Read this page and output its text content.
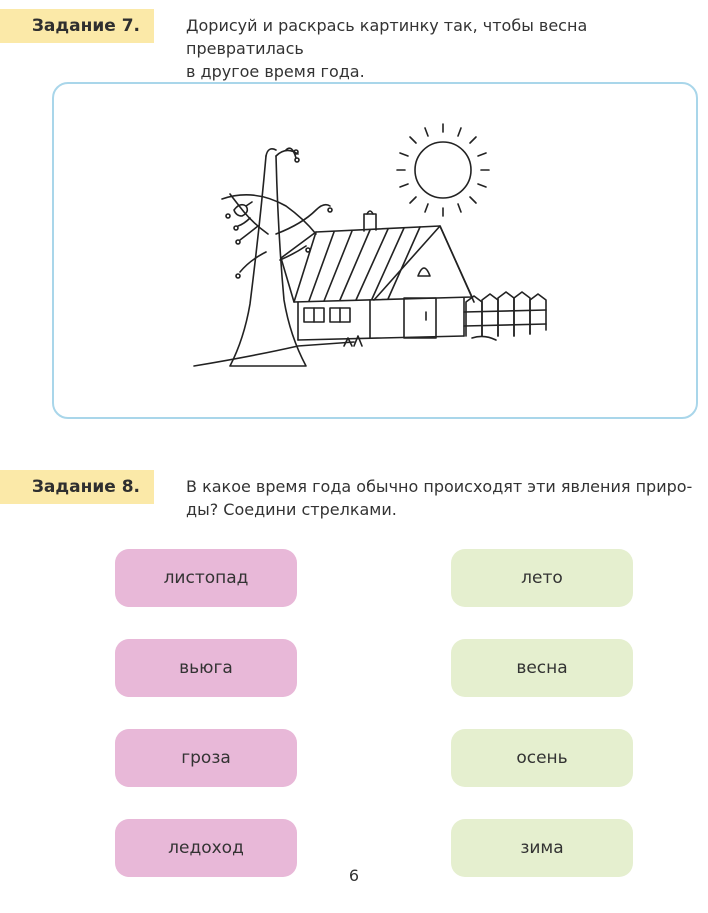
Задание 7.	Дорисуй и раскрась картинку так, чтобы весна превратилась
в другое время года.
Задание 8.	В какое время года обычно происходят эти явления приро-
ды? Соедини стрелками.
листопад
вьюга
гроза
ледоход
лето
весна
осень
зима
6
